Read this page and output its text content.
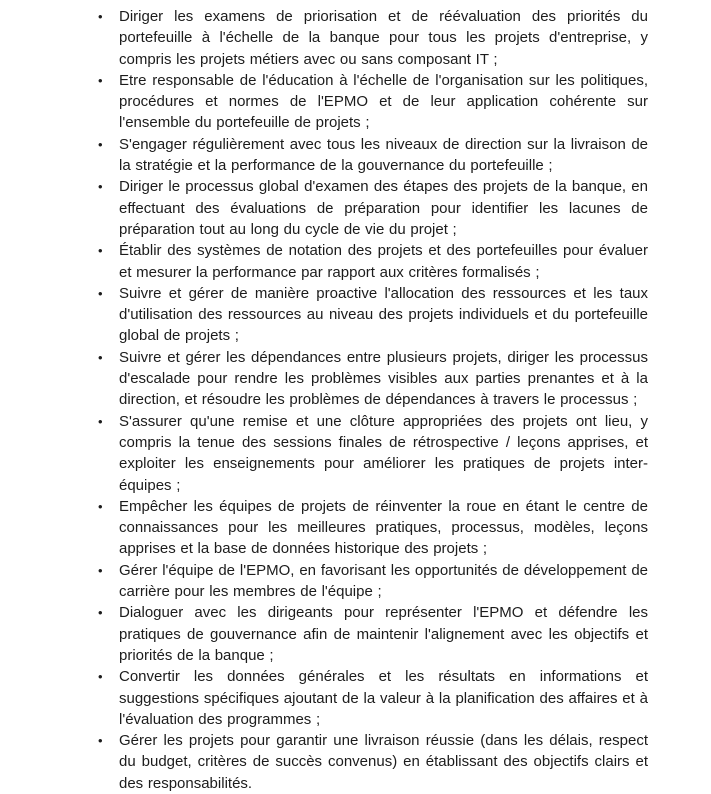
• Diriger les examens de priorisation et de réévaluation des priorités du portefeuille à l'échelle de la banque pour tous les projets d'entreprise, y compris les projets métiers avec ou sans composant IT ;
• Etre responsable de l'éducation à l'échelle de l'organisation sur les politiques, procédures et normes de l'EPMO et de leur application cohérente sur l'ensemble du portefeuille de projets ;
• S'engager régulièrement avec tous les niveaux de direction sur la livraison de la stratégie et la performance de la gouvernance du portefeuille ;
• Diriger le processus global d'examen des étapes des projets de la banque, en effectuant des évaluations de préparation pour identifier les lacunes de préparation tout au long du cycle de vie du projet ;
• Établir des systèmes de notation des projets et des portefeuilles pour évaluer et mesurer la performance par rapport aux critères formalisés ;
• Suivre et gérer de manière proactive l'allocation des ressources et les taux d'utilisation des ressources au niveau des projets individuels et du portefeuille global de projets ;
• Suivre et gérer les dépendances entre plusieurs projets, diriger les processus d'escalade pour rendre les problèmes visibles aux parties prenantes et à la direction, et résoudre les problèmes de dépendances à travers le processus ;
• S'assurer qu'une remise et une clôture appropriées des projets ont lieu, y compris la tenue des sessions finales de rétrospective / leçons apprises, et exploiter les enseignements pour améliorer les pratiques de projets inter-équipes ;
• Empêcher les équipes de projets de réinventer la roue en étant le centre de connaissances pour les meilleures pratiques, processus, modèles, leçons apprises et la base de données historique des projets ;
• Gérer l'équipe de l'EPMO, en favorisant les opportunités de développement de carrière pour les membres de l'équipe ;
• Dialoguer avec les dirigeants pour représenter l'EPMO et défendre les pratiques de gouvernance afin de maintenir l'alignement avec les objectifs et priorités de la banque ;
• Convertir les données générales et les résultats en informations et suggestions spécifiques ajoutant de la valeur à la planification des affaires et à l'évaluation des programmes ;
• Gérer les projets pour garantir une livraison réussie (dans les délais, respect du budget, critères de succès convenus) en établissant des objectifs clairs et des responsabilités.
